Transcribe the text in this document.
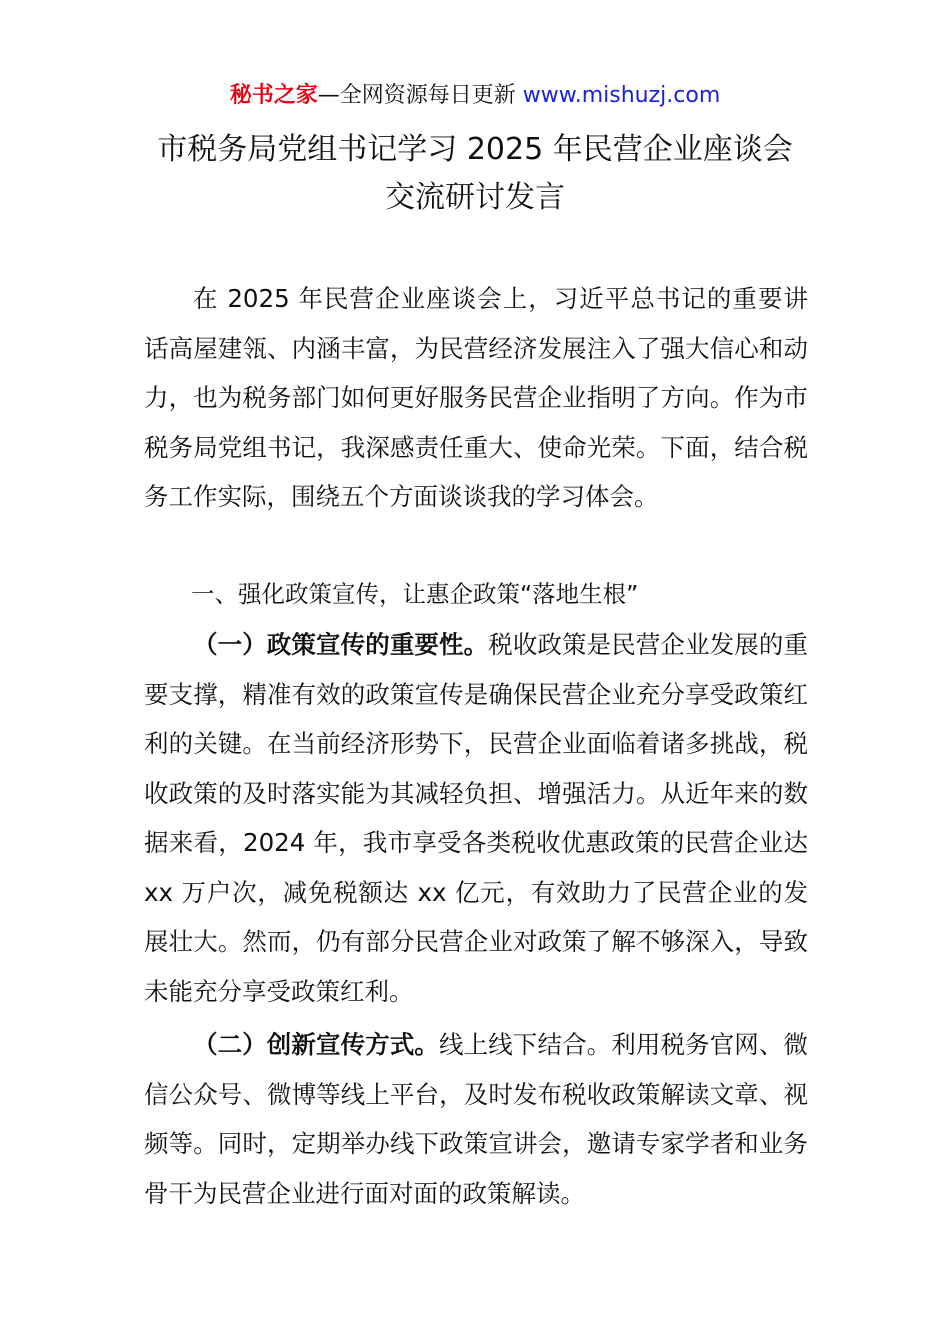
秘书之家—全网资源每日更新 www.mishuzj.com
市税务局党组书记学习 2025 年民营企业座谈会
交流研讨发言

在 2025 年民营企业座谈会上，习近平总书记的重要讲话高屋建瓴、内涵丰富，为民营经济发展注入了强大信心和动力，也为税务部门如何更好服务民营企业指明了方向。作为市税务局党组书记，我深感责任重大、使命光荣。下面，结合税务工作实际，围绕五个方面谈谈我的学习体会。

一、强化政策宣传，让惠企政策“落地生根”

（一）政策宣传的重要性。税收政策是民营企业发展的重要支撑，精准有效的政策宣传是确保民营企业充分享受政策红利的关键。在当前经济形势下，民营企业面临着诸多挑战，税收政策的及时落实能为其减轻负担、增强活力。从近年来的数据来看，2024 年，我市享受各类税收优惠政策的民营企业达 xx 万户次，减免税额达 xx 亿元，有效助力了民营企业的发展壮大。然而，仍有部分民营企业对政策了解不够深入，导致未能充分享受政策红利。

（二）创新宣传方式。线上线下结合。利用税务官网、微信公众号、微博等线上平台，及时发布税收政策解读文章、视频等。同时，定期举办线下政策宣讲会，邀请专家学者和业务骨干为民营企业进行面对面的政策解读。
